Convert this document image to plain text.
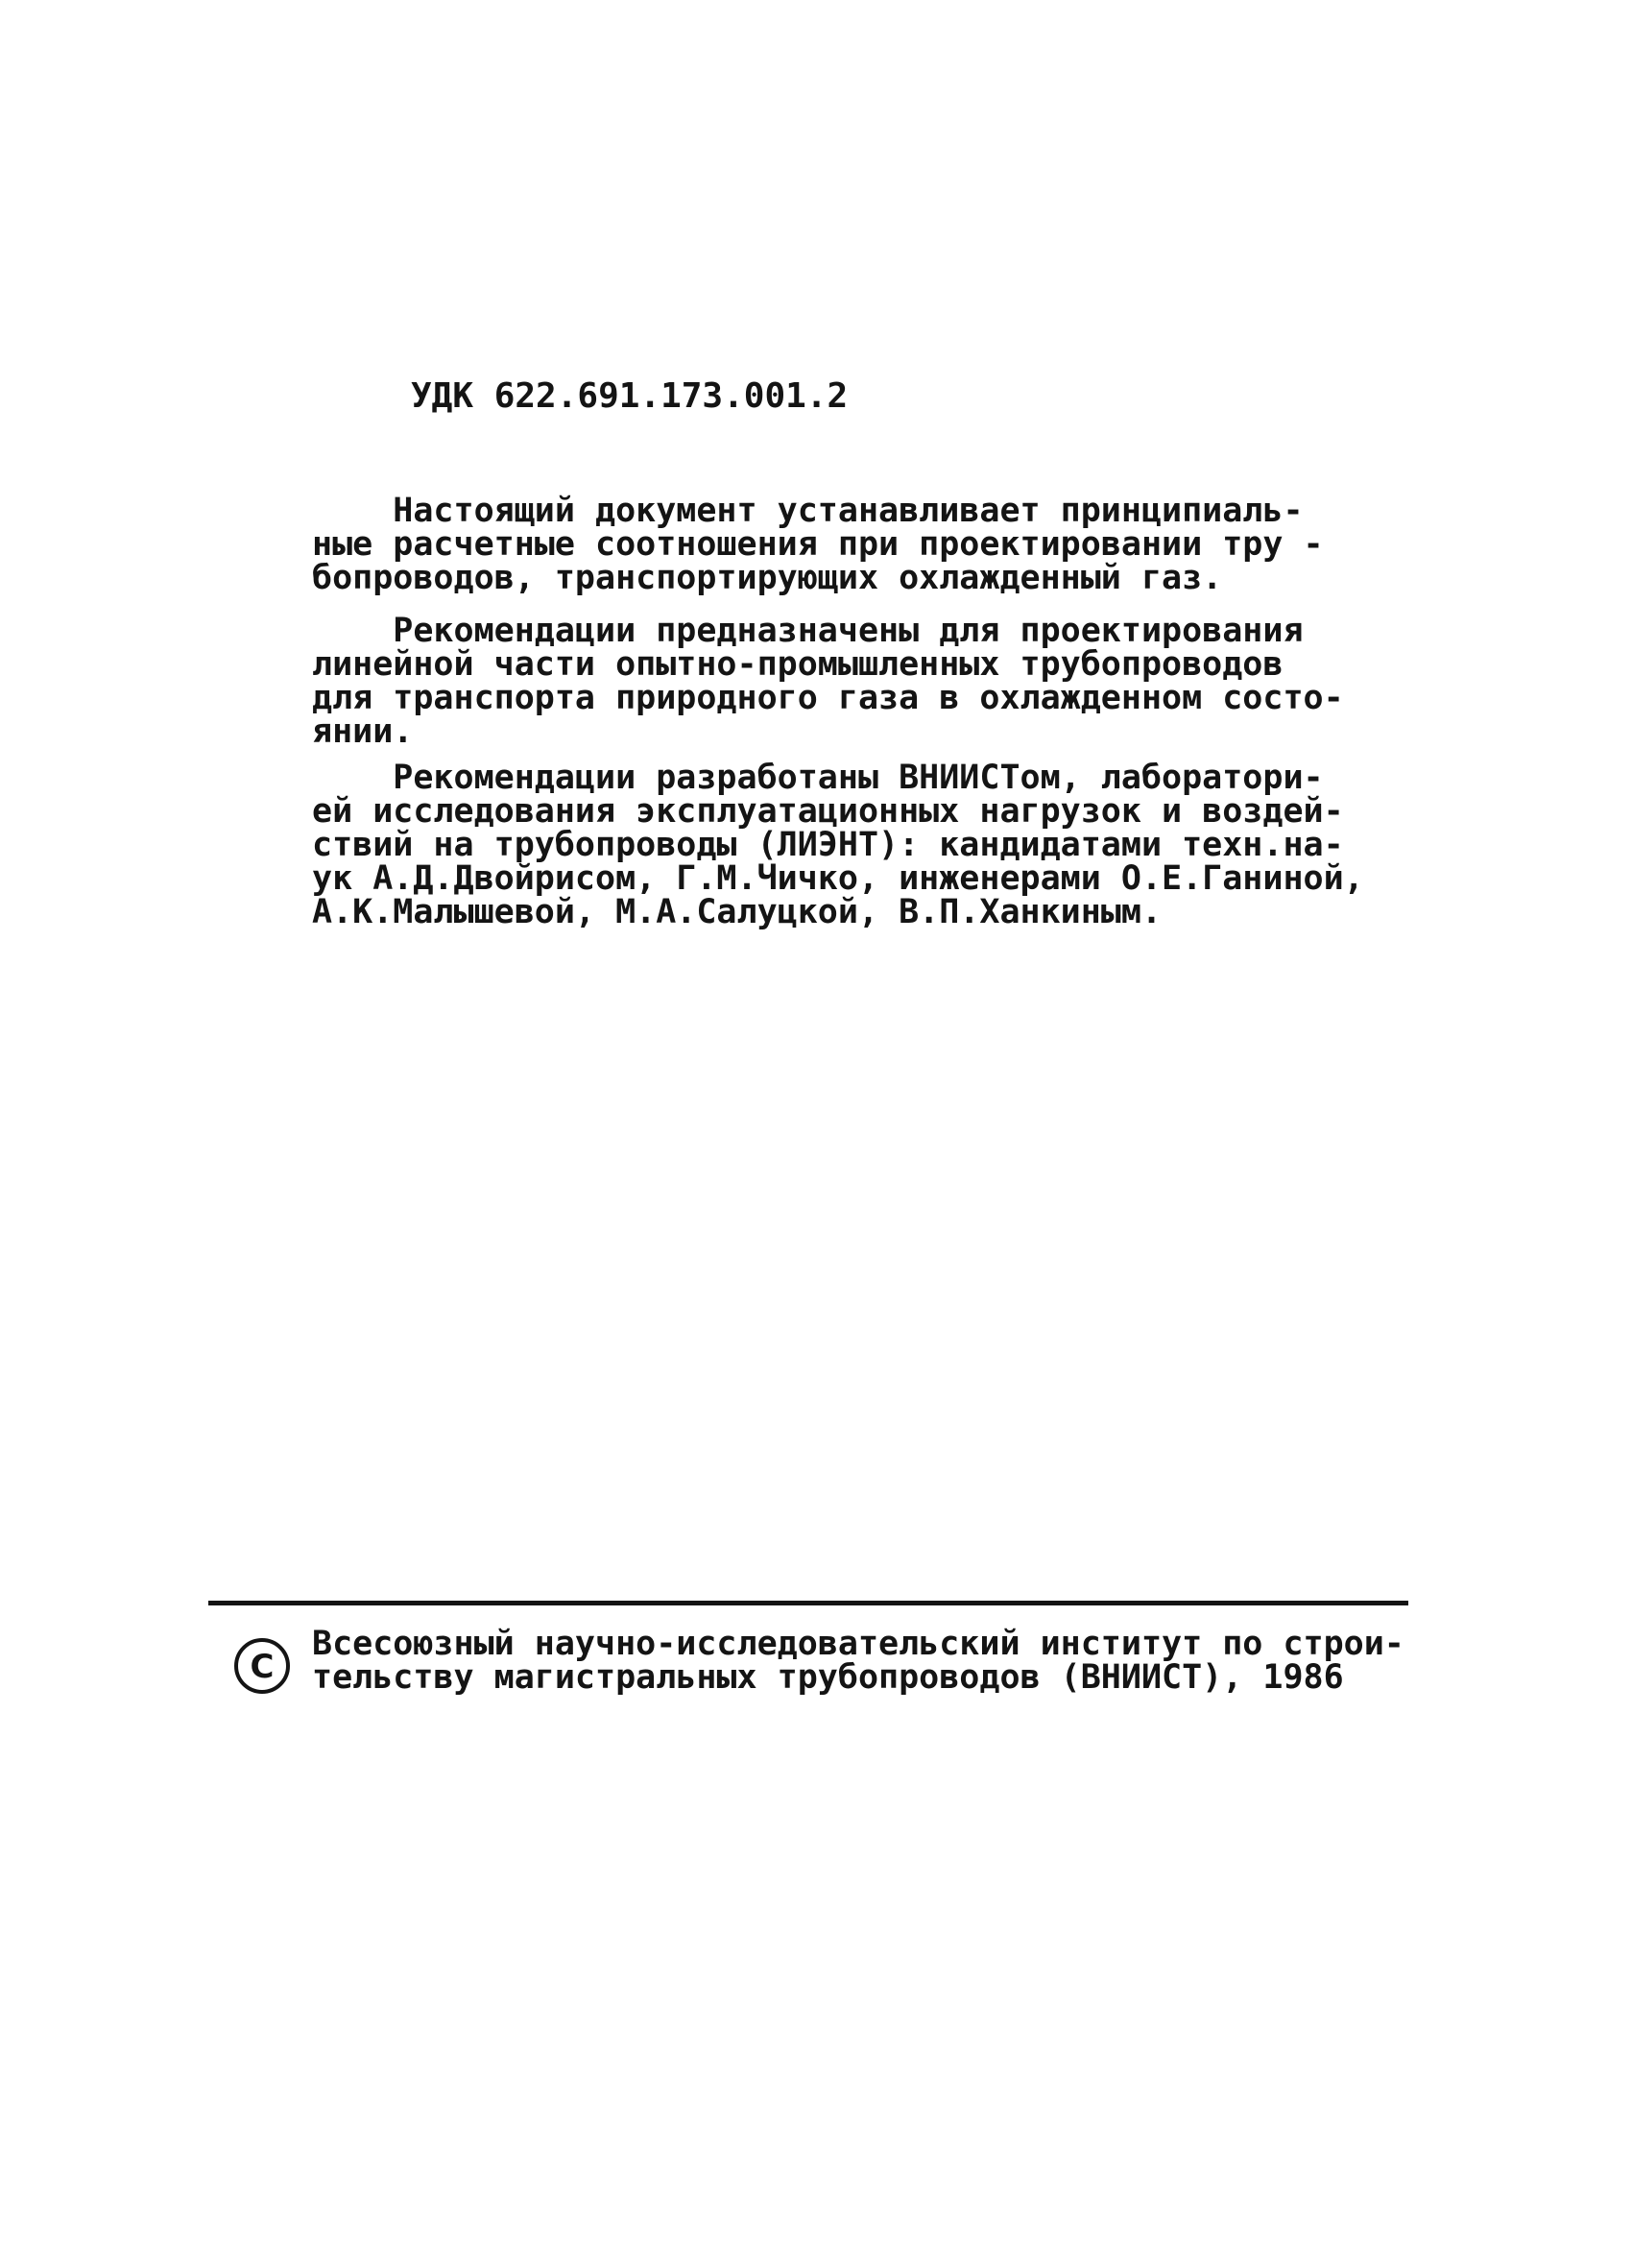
УДК 622.691.173.001.2
Настоящий документ устанавливает принципиаль-
ные расчетные соотношения при проектировании тру -
бопроводов, транспортирующих охлажденный газ.
Рекомендации предназначены для проектирования
линейной части опытно-промышленных трубопроводов
для транспорта природного газа в охлажденном состо-
янии.
Рекомендации разработаны ВНИИСТом, лаборатори-
ей исследования эксплуатационных нагрузок и воздей-
ствий на трубопроводы (ЛИЭНТ): кандидатами техн.на-
ук А.Д.Двойрисом, Г.М.Чичко, инженерами О.Е.Ганиной,
А.К.Малышевой, М.А.Салуцкой, В.П.Ханкиным.
C
Всесоюзный научно-исследовательский институт по строи-
тельству магистральных трубопроводов (ВНИИСТ), 1986
